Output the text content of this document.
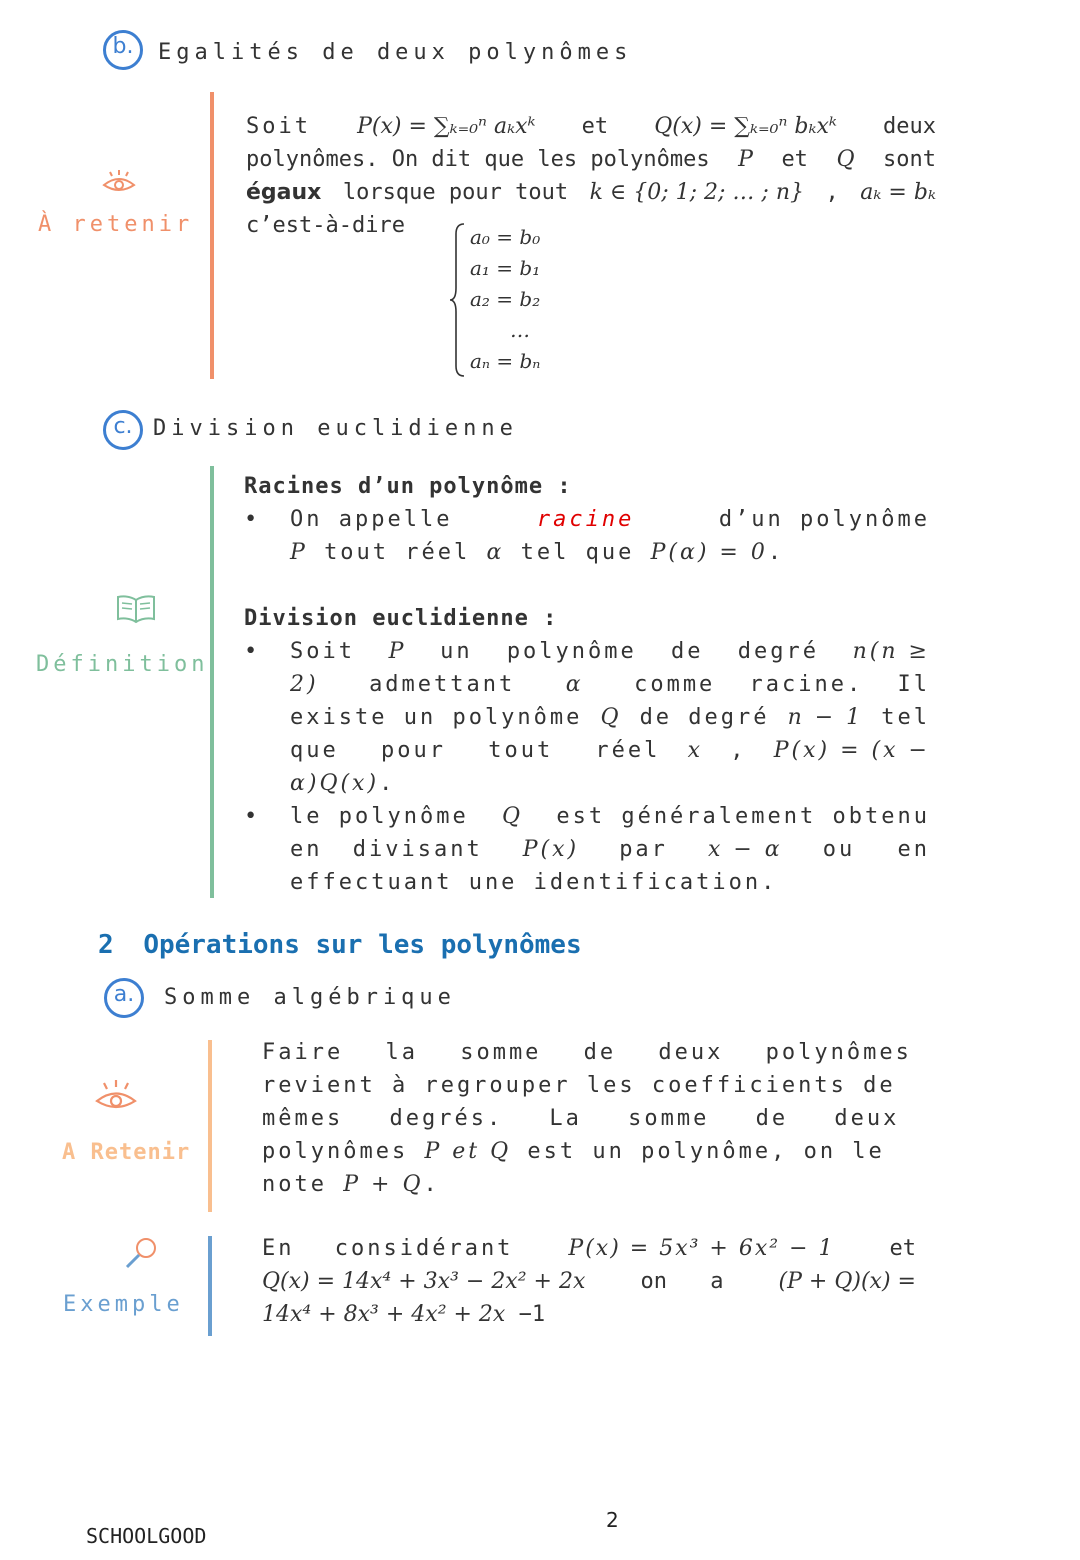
b.	Egalités de deux polynômes
À retenir
Soit P(x) = ∑ₖ₌₀ⁿ aₖxᵏ et Q(x) = ∑ₖ₌₀ⁿ bₖxᵏ deux
polynômes. On dit que les polynômes P et Q sont
égaux lorsque pour tout k ∈ {0; 1; 2; … ; n} , aₖ = bₖ
c’est-à-dire	a₀ = b₀
a₁ = b₁
a₂ = b₂
…
aₙ = bₙ
c. Division euclidienne
Définition
Racines d’un polynôme :
•	On appelle	racine	d’un polynôme
P tout réel α tel que P(α) = 0.
Division euclidienne :
•	Soit P un polynôme de degré n(n ≥
2) admettant α comme racine. Il
existe un polynôme Q de degré n − 1 tel
que pour tout réel x , P(x) = (x −
α)Q(x).
•	le polynôme Q est généralement obtenu
en divisant P(x) par x − α ou en
effectuant une identification.
2 Opérations sur les polynômes
a.	Somme algébrique
A Retenir
Faire la somme de deux polynômes
revient à regrouper les coefficients de
mêmes degrés. La somme de deux
polynômes P et Q est un polynôme, on le
note P + Q.
Exemple
En considérant P(x) = 5x³ + 6x² − 1 et
Q(x) = 14x⁴ + 3x³ − 2x² + 2x	on a	(P + Q)(x) =
14x⁴ + 8x³ + 4x² + 2x −1
2
SCHOOLGOOD
